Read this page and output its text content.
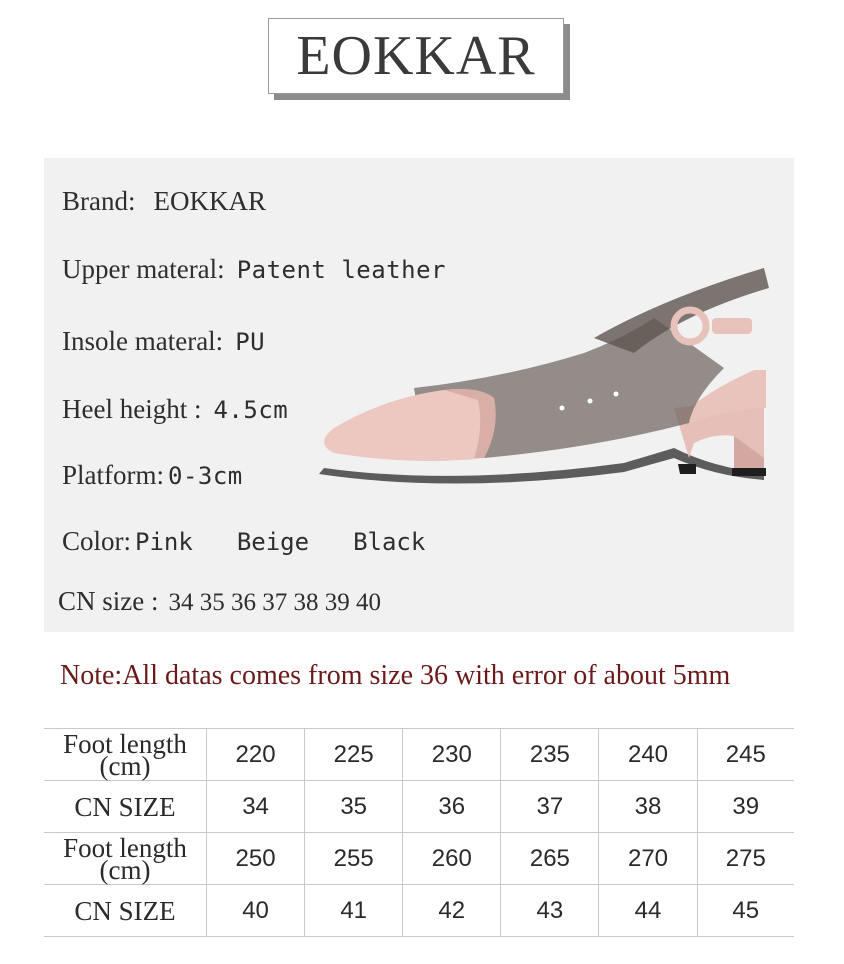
EOKKAR
Brand: EOKKAR
Upper materal: Patent leather
Insole materal: PU
Heel height : 4.5cm
Platform: 0-3cm
Color: Pink Beige Black
CN size : 34 35 36 37 38 39 40
Note:All datas comes from size 36 with error of about 5mm
Foot length (cm)	220	225	230	235	240	245
CN SIZE	34	35	36	37	38	39
Foot length (cm)	250	255	260	265	270	275
CN SIZE	40	41	42	43	44	45
